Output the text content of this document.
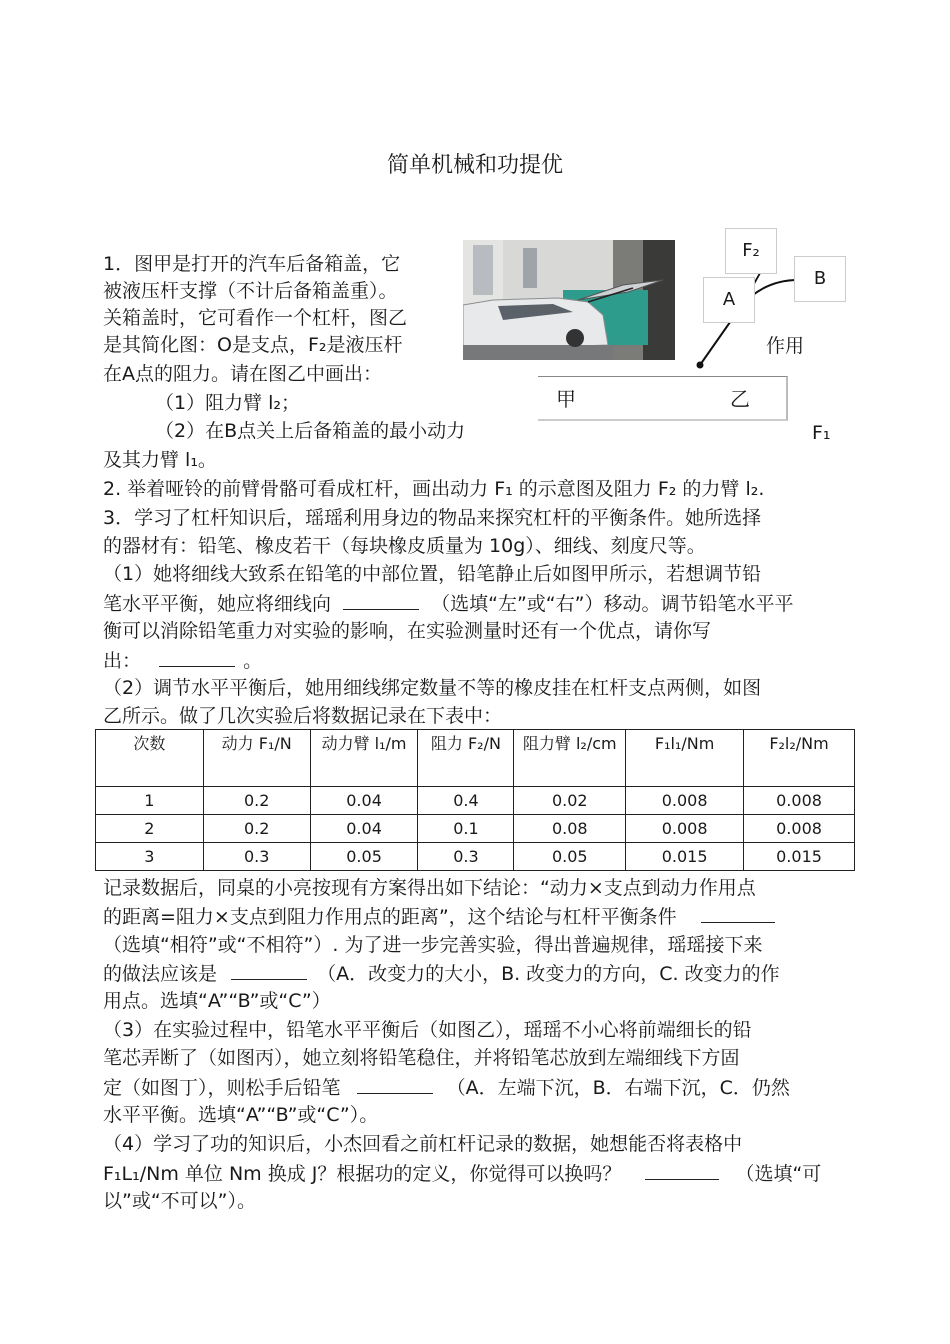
简单机械和功提优
1．图甲是打开的汽车后备箱盖，它
被液压杆支撑（不计后备箱盖重）。
关箱盖时，它可看作一个杠杆，图乙
是其简化图：O是支点，F₂是液压杆
在A点的阻力。请在图乙中画出：
（1）阻力臂 l₂；
（2）在B点关上后备箱盖的最小动力
及其力臂 l₁。
作用
F₁
甲	乙
F₂
A
B
2. 举着哑铃的前臂骨骼可看成杠杆，画出动力 F₁ 的示意图及阻力 F₂ 的力臂 l₂.
3．学习了杠杆知识后，瑶瑶利用身边的物品来探究杠杆的平衡条件。她所选择
的器材有：铅笔、橡皮若干（每块橡皮质量为 10g）、细线、刻度尺等。
（1）她将细线大致系在铅笔的中部位置，铅笔静止后如图甲所示，若想调节铅
笔水平平衡，她应将细线向	（选填“左”或“右”）移动。调节铅笔水平平
衡可以消除铅笔重力对实验的影响，在实验测量时还有一个优点，请你写
出：	。
（2）调节水平平衡后，她用细线绑定数量不等的橡皮挂在杠杆支点两侧，如图
乙所示。做了几次实验后将数据记录在下表中：
次数	动力 F₁/N	动力臂 l₁/m	阻力 F₂/N	阻力臂 l₂/cm	F₁l₁/Nm	F₂l₂/Nm
1	0.2	0.04	0.4	0.02	0.008	0.008
2	0.2	0.04	0.1	0.08	0.008	0.008
3	0.3	0.05	0.3	0.05	0.015	0.015
记录数据后，同桌的小亮按现有方案得出如下结论：“动力×支点到动力作用点
的距离=阻力×支点到阻力作用点的距离”，这个结论与杠杆平衡条件
（选填“相符”或“不相符”）. 为了进一步完善实验，得出普遍规律，瑶瑶接下来
的做法应该是	（A．改变力的大小，B. 改变力的方向，C. 改变力的作
用点。选填“A”“B”或“C”）
（3）在实验过程中，铅笔水平平衡后（如图乙），瑶瑶不小心将前端细长的铅
笔芯弄断了（如图丙），她立刻将铅笔稳住，并将铅笔芯放到左端细线下方固
定（如图丁），则松手后铅笔	（A．左端下沉，B．右端下沉，C．仍然
水平平衡。选填“A”“B”或“C”）。
（4）学习了功的知识后，小杰回看之前杠杆记录的数据，她想能否将表格中
F₁L₁/Nm 单位 Nm 换成 J？根据功的定义，你觉得可以换吗？	（选填“可
以”或“不可以”）。
